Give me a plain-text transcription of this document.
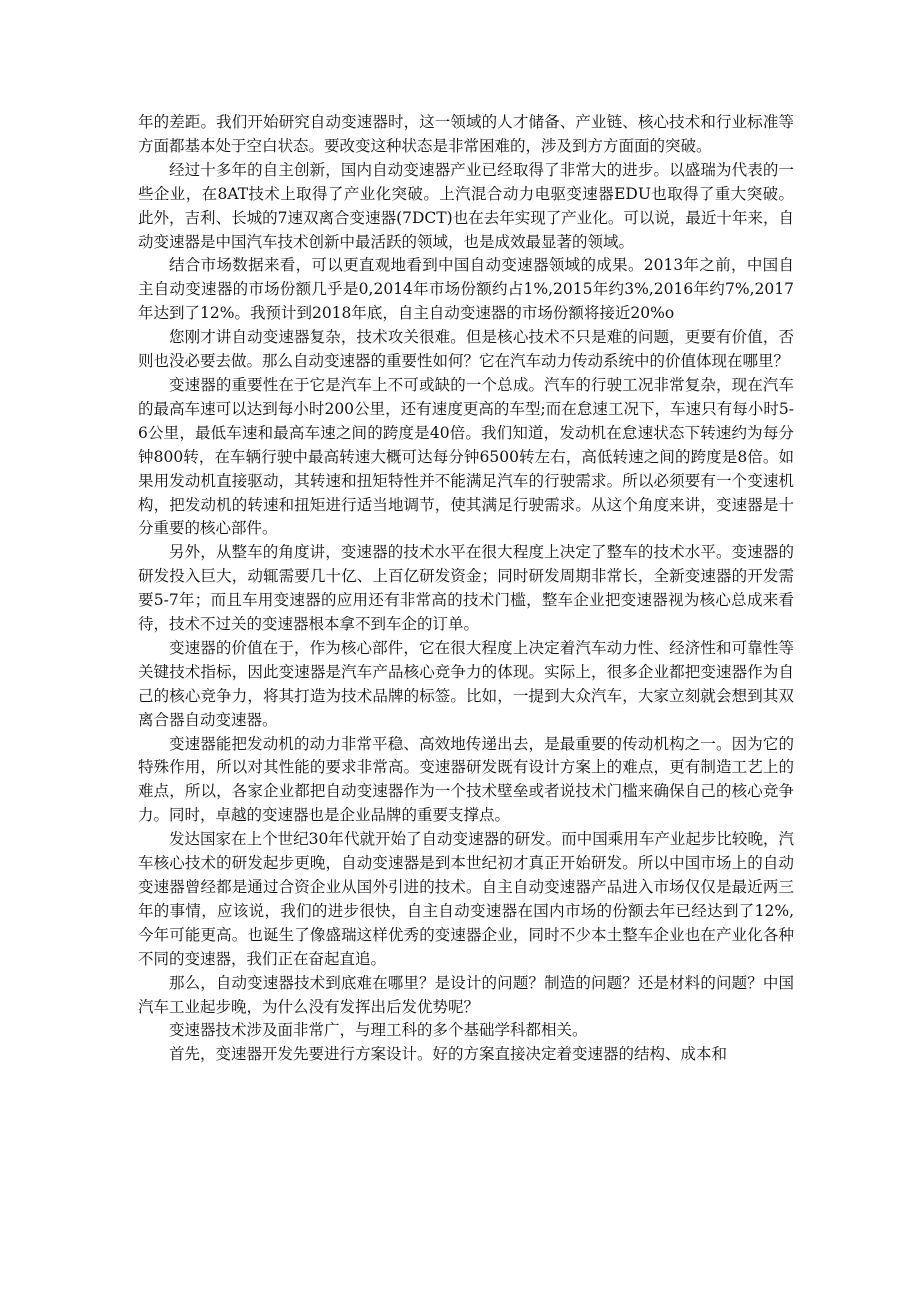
年的差距。我们开始研究自动变速器时，这一领域的人才储备、产业链、核心技术和行业标准等方面都基本处于空白状态。要改变这种状态是非常困难的，涉及到方方面面的突破。

经过十多年的自主创新，国内自动变速器产业已经取得了非常大的进步。以盛瑞为代表的一些企业，在8AT技术上取得了产业化突破。上汽混合动力电驱变速器EDU也取得了重大突破。此外，吉利、长城的7速双离合变速器(7DCT)也在去年实现了产业化。可以说，最近十年来，自动变速器是中国汽车技术创新中最活跃的领域，也是成效最显著的领域。

结合市场数据来看，可以更直观地看到中国自动变速器领域的成果。2013年之前，中国自主自动变速器的市场份额几乎是0,2014年市场份额约占1%,2015年约3%,2016年约7%,2017年达到了12%。我预计到2018年底，自主自动变速器的市场份额将接近20%o

您刚才讲自动变速器复杂，技术攻关很难。但是核心技术不只是难的问题，更要有价值，否则也没必要去做。那么自动变速器的重要性如何？它在汽车动力传动系统中的价值体现在哪里？

变速器的重要性在于它是汽车上不可或缺的一个总成。汽车的行驶工况非常复杂，现在汽车的最高车速可以达到每小时200公里，还有速度更高的车型;而在怠速工况下，车速只有每小时5-6公里，最低车速和最高车速之间的跨度是40倍。我们知道，发动机在怠速状态下转速约为每分钟800转，在车辆行驶中最高转速大概可达每分钟6500转左右，高低转速之间的跨度是8倍。如果用发动机直接驱动，其转速和扭矩特性并不能满足汽车的行驶需求。所以必须要有一个变速机构，把发动机的转速和扭矩进行适当地调节，使其满足行驶需求。从这个角度来讲，变速器是十分重要的核心部件。

另外，从整车的角度讲，变速器的技术水平在很大程度上决定了整车的技术水平。变速器的研发投入巨大，动辄需要几十亿、上百亿研发资金；同时研发周期非常长，全新变速器的开发需要5-7年；而且车用变速器的应用还有非常高的技术门槛，整车企业把变速器视为核心总成来看待，技术不过关的变速器根本拿不到车企的订单。

变速器的价值在于，作为核心部件，它在很大程度上决定着汽车动力性、经济性和可靠性等关键技术指标，因此变速器是汽车产品核心竞争力的体现。实际上，很多企业都把变速器作为自己的核心竞争力，将其打造为技术品牌的标签。比如，一提到大众汽车，大家立刻就会想到其双离合器自动变速器。

变速器能把发动机的动力非常平稳、高效地传递出去，是最重要的传动机构之一。因为它的特殊作用，所以对其性能的要求非常高。变速器研发既有设计方案上的难点，更有制造工艺上的难点，所以，各家企业都把自动变速器作为一个技术壁垒或者说技术门槛来确保自己的核心竞争力。同时，卓越的变速器也是企业品牌的重要支撑点。

发达国家在上个世纪30年代就开始了自动变速器的研发。而中国乘用车产业起步比较晚，汽车核心技术的研发起步更晚，自动变速器是到本世纪初才真正开始研发。所以中国市场上的自动变速器曾经都是通过合资企业从国外引进的技术。自主自动变速器产品进入市场仅仅是最近两三年的事情，应该说，我们的进步很快，自主自动变速器在国内市场的份额去年已经达到了12%,今年可能更高。也诞生了像盛瑞这样优秀的变速器企业，同时不少本土整车企业也在产业化各种不同的变速器，我们正在奋起直追。

那么，自动变速器技术到底难在哪里？是设计的问题？制造的问题？还是材料的问题？中国汽车工业起步晚，为什么没有发挥出后发优势呢？

变速器技术涉及面非常广，与理工科的多个基础学科都相关。

首先，变速器开发先要进行方案设计。好的方案直接决定着变速器的结构、成本和
